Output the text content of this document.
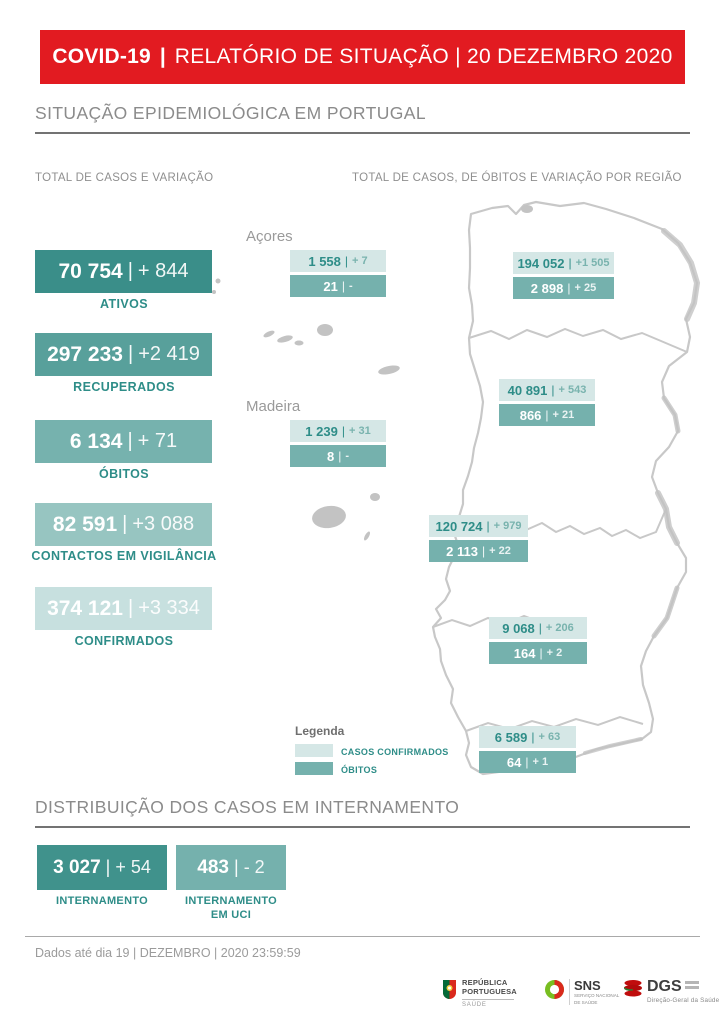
COVID-19 | RELATÓRIO DE SITUAÇÃO | 20 DEZEMBRO 2020
SITUAÇÃO EPIDEMIOLÓGICA EM PORTUGAL
TOTAL DE CASOS E VARIAÇÃO	TOTAL DE CASOS, DE ÓBITOS E VARIAÇÃO POR REGIÃO
70 754 | + 844
ATIVOS
297 233 | +2 419
RECUPERADOS
6 134 | + 71
ÓBITOS
82 591 | +3 088
CONTACTOS EM VIGILÂNCIA
374 121 | +3 334
CONFIRMADOS
Açores
1 558 | + 7
21 | -
Madeira
1 239 | + 31
8 | -
194 052 | +1 505
2 898 | + 25
40 891 | + 543
866 | + 21
120 724 | + 979
2 113 | + 22
9 068 | + 206
164 | + 2
6 589 | + 63
64 | + 1
Legenda
CASOS CONFIRMADOS
ÓBITOS
DISTRIBUIÇÃO DOS CASOS EM INTERNAMENTO
3 027 | + 54
INTERNAMENTO
483 | - 2
INTERNAMENTO EM UCI
Dados até dia 19 | DEZEMBRO | 2020 23:59:59
REPÚBLICA
PORTUGUESA
SAÚDE
SNS
SERVIÇO NACIONAL
DE SAÚDE
DGS
Direção-Geral da Saúde
